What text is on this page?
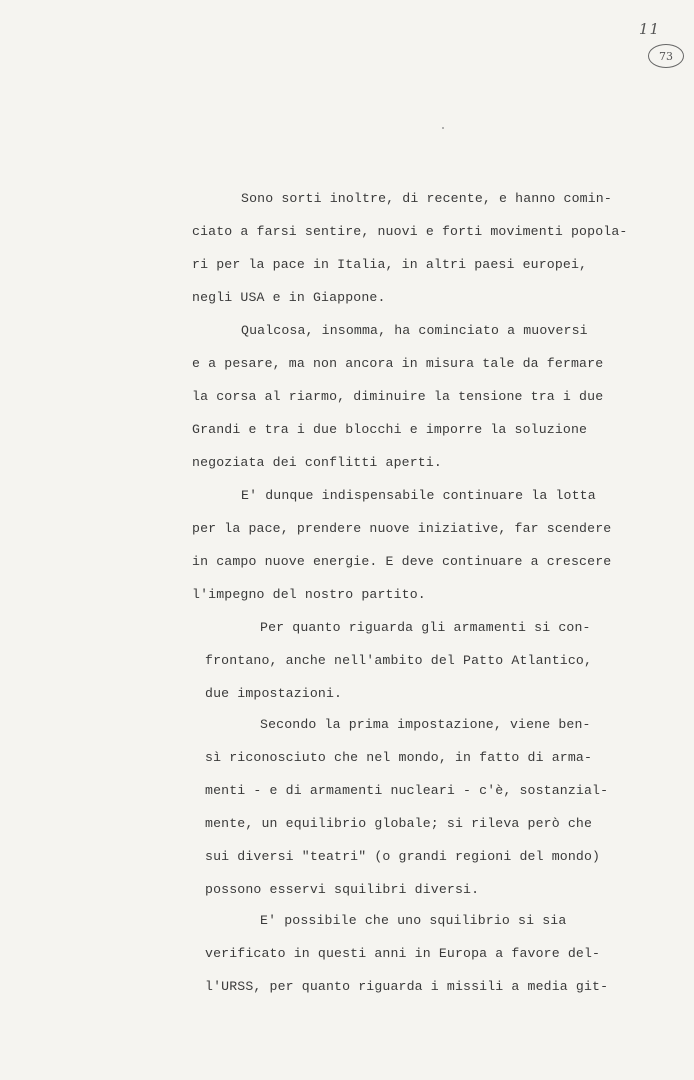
11
73
Sono sorti inoltre, di recente, e hanno comin-
ciato a farsi sentire, nuovi e forti movimenti popola-
ri per la pace in Italia, in altri paesi europei,
negli USA e in Giappone.
Qualcosa, insomma, ha cominciato a muoversi
e a pesare, ma non ancora in misura tale da fermare
la corsa al riarmo, diminuire la tensione tra i due
Grandi e tra i due blocchi e imporre la soluzione
negoziata dei conflitti aperti.
E' dunque indispensabile continuare la lotta
per la pace, prendere nuove iniziative, far scendere
in campo nuove energie. E deve continuare a crescere
l'impegno del nostro partito.
Per quanto riguarda gli armamenti si con-
frontano, anche nell'ambito del Patto Atlantico,
due impostazioni.
Secondo la prima impostazione, viene ben-
sì riconosciuto che nel mondo, in fatto di arma-
menti - e di armamenti nucleari - c'è, sostanzial-
mente, un equilibrio globale; si rileva però che
sui diversi "teatri" (o grandi regioni del mondo)
possono esservi squilibri diversi.
E' possibile che uno squilibrio si sia
verificato in questi anni in Europa a favore del-
l'URSS, per quanto riguarda i missili a media git-
